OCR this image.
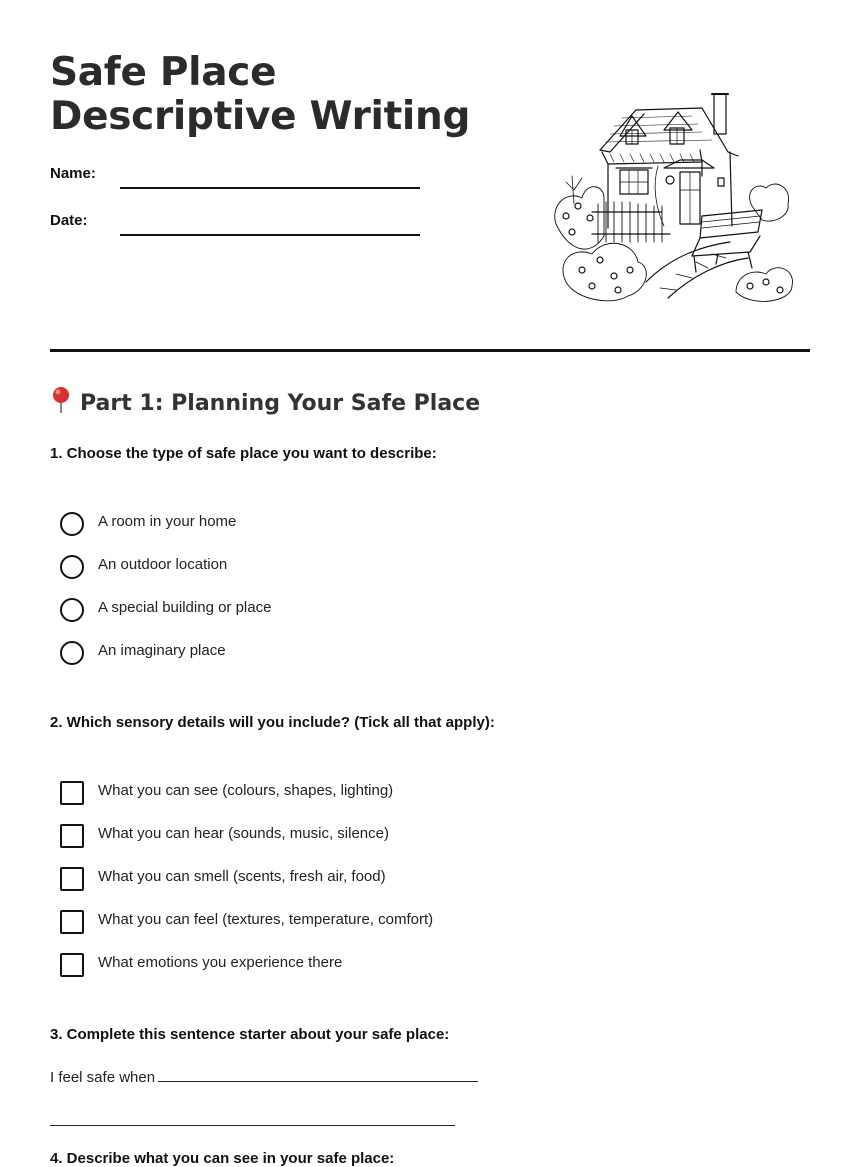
Safe Place Descriptive Writing
Name:
Date:
Part 1: Planning Your Safe Place

1. Choose the type of safe place you want to describe:

A room in your home
An outdoor location
A special building or place
An imaginary place

2. Which sensory details will you include? (Tick all that apply):

What you can see (colours, shapes, lighting)
What you can hear (sounds, music, silence)
What you can smell (scents, fresh air, food)
What you can feel (textures, temperature, comfort)
What emotions you experience there

3. Complete this sentence starter about your safe place:

I feel safe when

4. Describe what you can see in your safe place:
